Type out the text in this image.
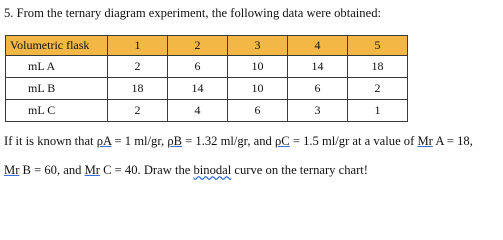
5. From the ternary diagram experiment, the following data were obtained:
Volumetric flask	1	2	3	4	5
mL A	2	6	10	14	18
mL B	18	14	10	6	2
mL C	2	4	6	3	1
If it is known that ρA = 1 ml/gr, ρB = 1.32 ml/gr, and ρC = 1.5 ml/gr at a value of Mr A = 18,
Mr B = 60, and Mr C = 40. Draw the binodal curve on the ternary chart!
